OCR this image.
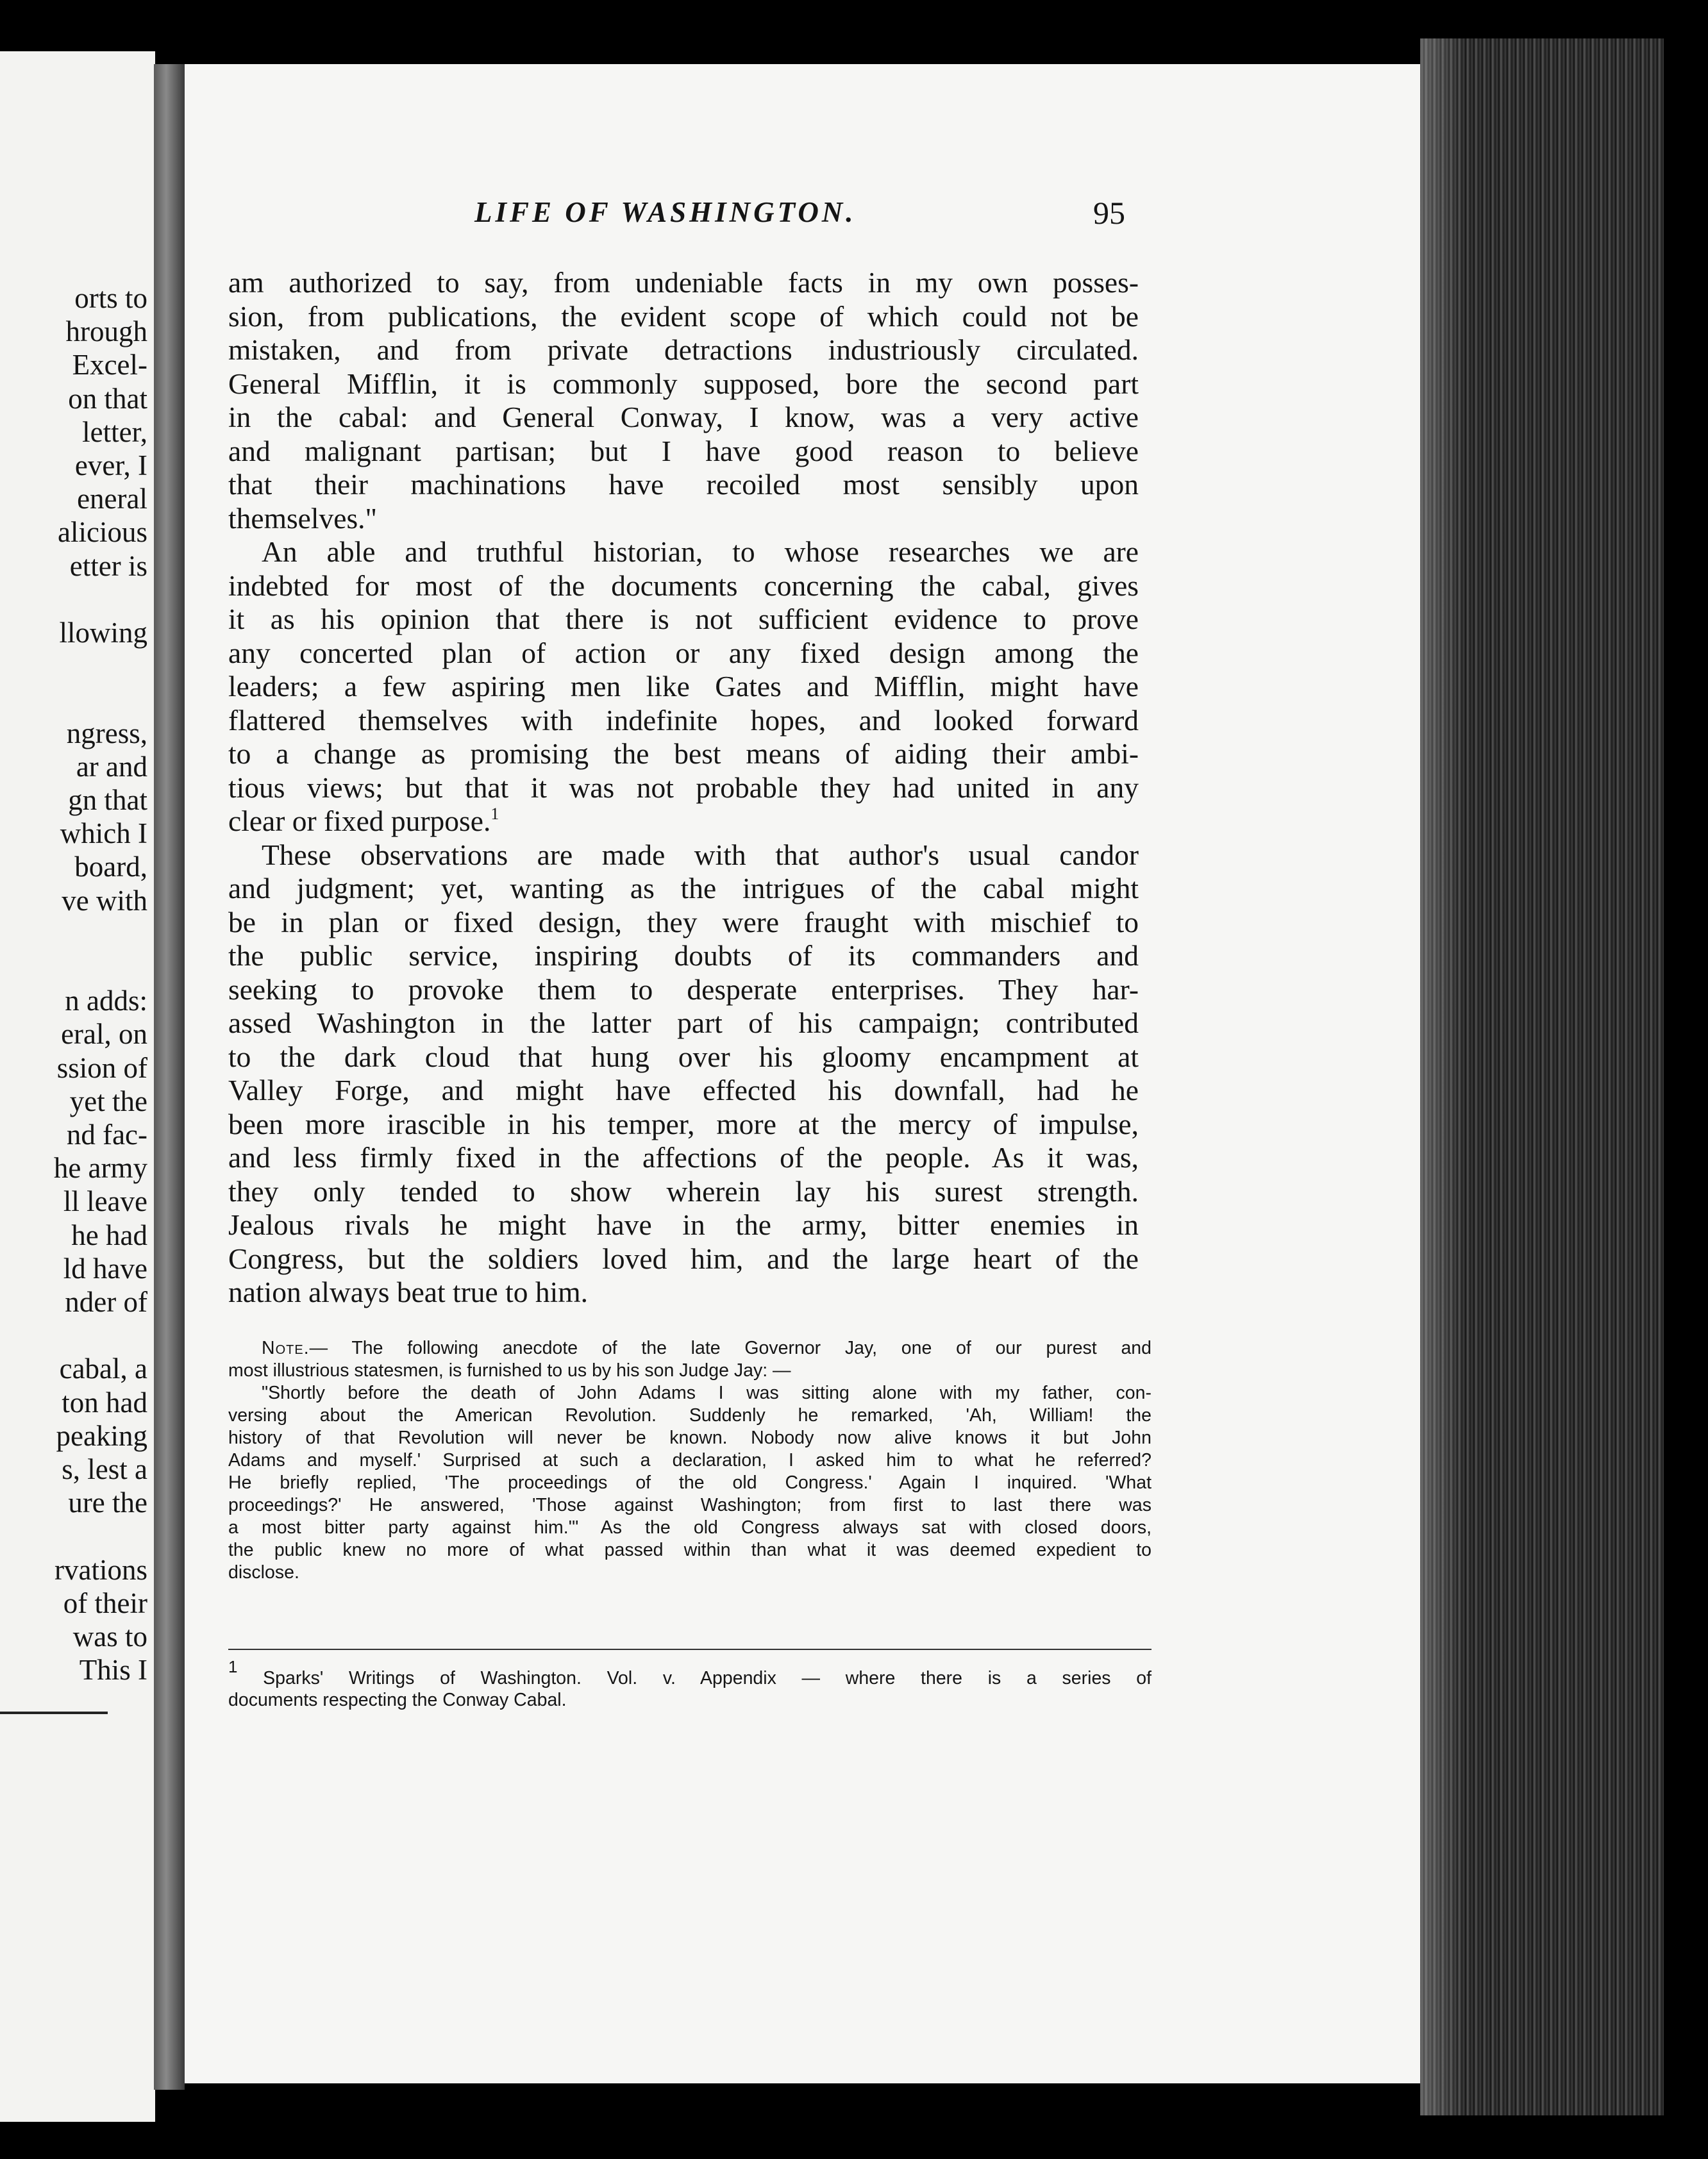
orts to
hrough
Excel-
on that
letter,
ever, I
eneral
alicious
etter is
llowing
ngress,
ar and
gn that
which I
board,
ve with
n adds:
eral, on
ssion of
yet the
nd fac-
he army
ll leave
he had
ld have
nder of
cabal, a
ton had
peaking
s, lest a
ure the
rvations
of their
was to
This I
LIFE OF WASHINGTON.	95
am authorized to say, from undeniable facts in my own posses-
sion, from publications, the evident scope of which could not be
mistaken, and from private detractions industriously circulated.
General Mifflin, it is commonly supposed, bore the second part
in the cabal: and General Conway, I know, was a very active
and malignant partisan; but I have good reason to believe
that their machinations have recoiled most sensibly upon
themselves."
An able and truthful historian, to whose researches we are
indebted for most of the documents concerning the cabal, gives
it as his opinion that there is not sufficient evidence to prove
any concerted plan of action or any fixed design among the
leaders; a few aspiring men like Gates and Mifflin, might have
flattered themselves with indefinite hopes, and looked forward
to a change as promising the best means of aiding their ambi-
tious views; but that it was not probable they had united in any
clear or fixed purpose.$^1$
These observations are made with that author's usual candor
and judgment; yet, wanting as the intrigues of the cabal might
be in plan or fixed design, they were fraught with mischief to
the public service, inspiring doubts of its commanders and
seeking to provoke them to desperate enterprises. They har-
assed Washington in the latter part of his campaign; contributed
to the dark cloud that hung over his gloomy encampment at
Valley Forge, and might have effected his downfall, had he
been more irascible in his temper, more at the mercy of impulse,
and less firmly fixed in the affections of the people. As it was,
they only tended to show wherein lay his surest strength.
Jealous rivals he might have in the army, bitter enemies in
Congress, but the soldiers loved him, and the large heart of the
nation always beat true to him.
Note.— The following anecdote of the late Governor Jay, one of our purest and
most illustrious statesmen, is furnished to us by his son Judge Jay: —
"Shortly before the death of John Adams I was sitting alone with my father, con-
versing about the American Revolution. Suddenly he remarked, 'Ah, William! the
history of that Revolution will never be known. Nobody now alive knows it but John
Adams and myself.' Surprised at such a declaration, I asked him to what he referred?
He briefly replied, 'The proceedings of the old Congress.' Again I inquired. 'What
proceedings?' He answered, 'Those against Washington; from first to last there was
a most bitter party against him.'" As the old Congress always sat with closed doors,
the public knew no more of what passed within than what it was deemed expedient to
disclose.
$^1$ Sparks' Writings of Washington. Vol. v. Appendix — where there is a series of
documents respecting the Conway Cabal.
